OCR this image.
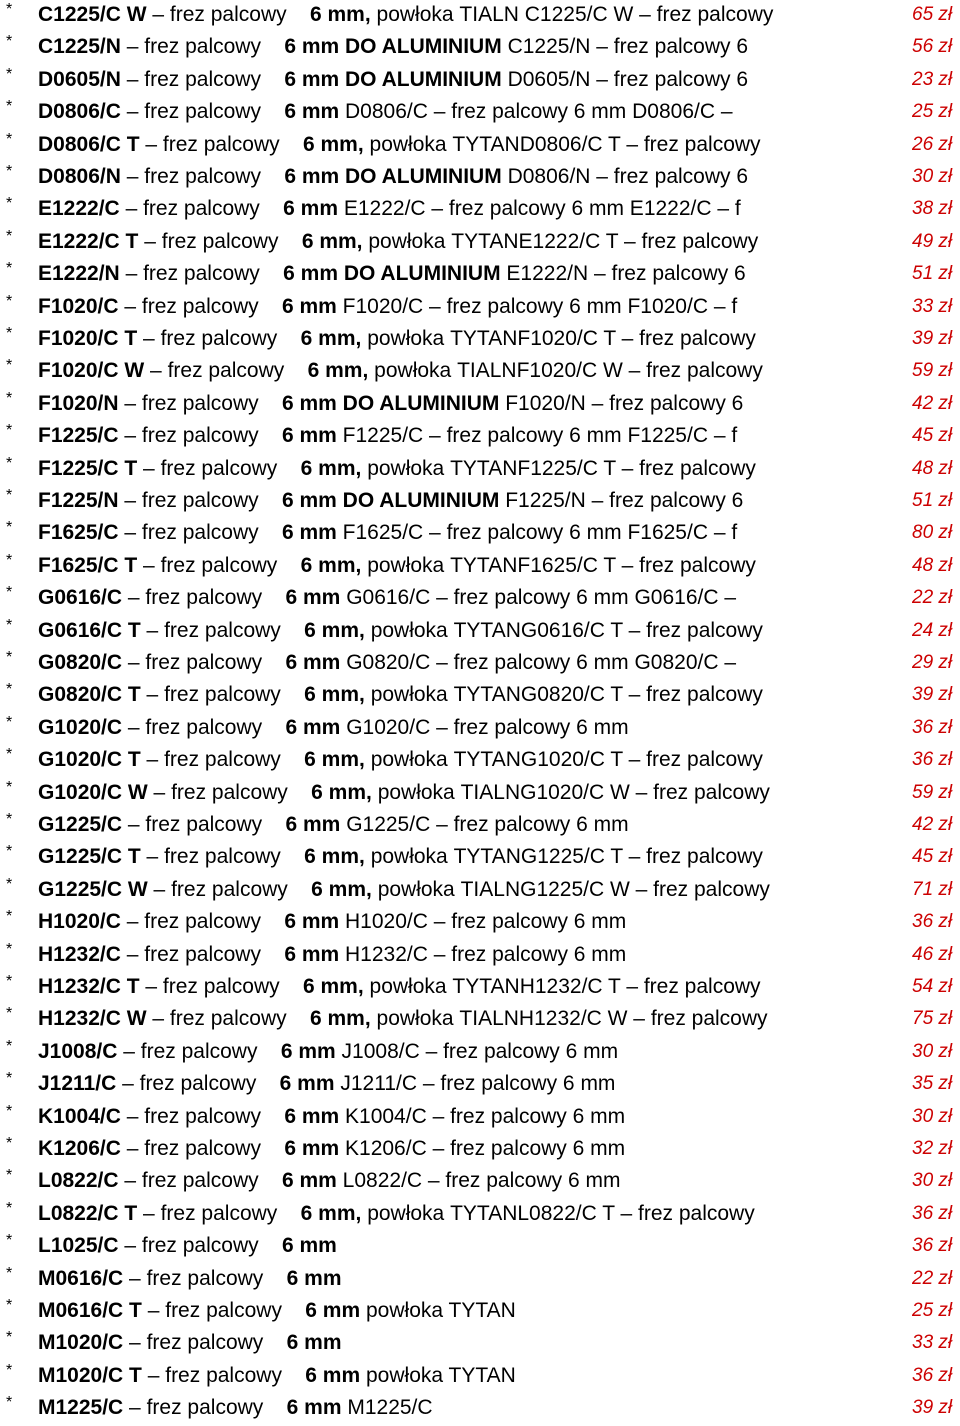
* C1225/C W – frez palcowy 6 mm, powłoka TIALN C1225/C W – frez palcowy	65 zł
* C1225/N – frez palcowy 6 mm DO ALUMINIUM C1225/N – frez palcowy 6	56 zł
* D0605/N – frez palcowy 6 mm DO ALUMINIUM D0605/N – frez palcowy 6	23 zł
* D0806/C – frez palcowy 6 mm D0806/C – frez palcowy 6 mm D0806/C –	25 zł
* D0806/C T – frez palcowy 6 mm, powłoka TYTAND0806/C T – frez palcowy	26 zł
* D0806/N – frez palcowy 6 mm DO ALUMINIUM D0806/N – frez palcowy 6	30 zł
* E1222/C – frez palcowy 6 mm E1222/C – frez palcowy 6 mm E1222/C – f	38 zł
* E1222/C T – frez palcowy 6 mm, powłoka TYTANE1222/C T – frez palcowy	49 zł
* E1222/N – frez palcowy 6 mm DO ALUMINIUM E1222/N – frez palcowy 6	51 zł
* F1020/C – frez palcowy 6 mm F1020/C – frez palcowy 6 mm F1020/C – f	33 zł
* F1020/C T – frez palcowy 6 mm, powłoka TYTANF1020/C T – frez palcowy	39 zł
* F1020/C W – frez palcowy 6 mm, powłoka TIALNF1020/C W – frez palcowy	59 zł
* F1020/N – frez palcowy 6 mm DO ALUMINIUM F1020/N – frez palcowy 6	42 zł
* F1225/C – frez palcowy 6 mm F1225/C – frez palcowy 6 mm F1225/C – f	45 zł
* F1225/C T – frez palcowy 6 mm, powłoka TYTANF1225/C T – frez palcowy	48 zł
* F1225/N – frez palcowy 6 mm DO ALUMINIUM F1225/N – frez palcowy 6	51 zł
* F1625/C – frez palcowy 6 mm F1625/C – frez palcowy 6 mm F1625/C – f	80 zł
* F1625/C T – frez palcowy 6 mm, powłoka TYTANF1625/C T – frez palcowy	48 zł
* G0616/C – frez palcowy 6 mm G0616/C – frez palcowy 6 mm G0616/C –	22 zł
* G0616/C T – frez palcowy 6 mm, powłoka TYTANG0616/C T – frez palcowy	24 zł
* G0820/C – frez palcowy 6 mm G0820/C – frez palcowy 6 mm G0820/C –	29 zł
* G0820/C T – frez palcowy 6 mm, powłoka TYTANG0820/C T – frez palcowy	39 zł
* G1020/C – frez palcowy 6 mm G1020/C – frez palcowy 6 mm	36 zł
* G1020/C T – frez palcowy 6 mm, powłoka TYTANG1020/C T – frez palcowy	36 zł
* G1020/C W – frez palcowy 6 mm, powłoka TIALNG1020/C W – frez palcowy	59 zł
* G1225/C – frez palcowy 6 mm G1225/C – frez palcowy 6 mm	42 zł
* G1225/C T – frez palcowy 6 mm, powłoka TYTANG1225/C T – frez palcowy	45 zł
* G1225/C W – frez palcowy 6 mm, powłoka TIALNG1225/C W – frez palcowy	71 zł
* H1020/C – frez palcowy 6 mm H1020/C – frez palcowy 6 mm	36 zł
* H1232/C – frez palcowy 6 mm H1232/C – frez palcowy 6 mm	46 zł
* H1232/C T – frez palcowy 6 mm, powłoka TYTANH1232/C T – frez palcowy	54 zł
* H1232/C W – frez palcowy 6 mm, powłoka TIALNH1232/C W – frez palcowy	75 zł
* J1008/C – frez palcowy 6 mm J1008/C – frez palcowy 6 mm	30 zł
* J1211/C – frez palcowy 6 mm J1211/C – frez palcowy 6 mm	35 zł
* K1004/C – frez palcowy 6 mm K1004/C – frez palcowy 6 mm	30 zł
* K1206/C – frez palcowy 6 mm K1206/C – frez palcowy 6 mm	32 zł
* L0822/C – frez palcowy 6 mm L0822/C – frez palcowy 6 mm	30 zł
* L0822/C T – frez palcowy 6 mm, powłoka TYTANL0822/C T – frez palcowy	36 zł
* L1025/C – frez palcowy 6 mm	36 zł
* M0616/C – frez palcowy 6 mm	22 zł
* M0616/C T – frez palcowy 6 mm powłoka TYTAN	25 zł
* M1020/C – frez palcowy 6 mm	33 zł
* M1020/C T – frez palcowy 6 mm powłoka TYTAN	36 zł
* M1225/C – frez palcowy 6 mm M1225/C	39 zł
